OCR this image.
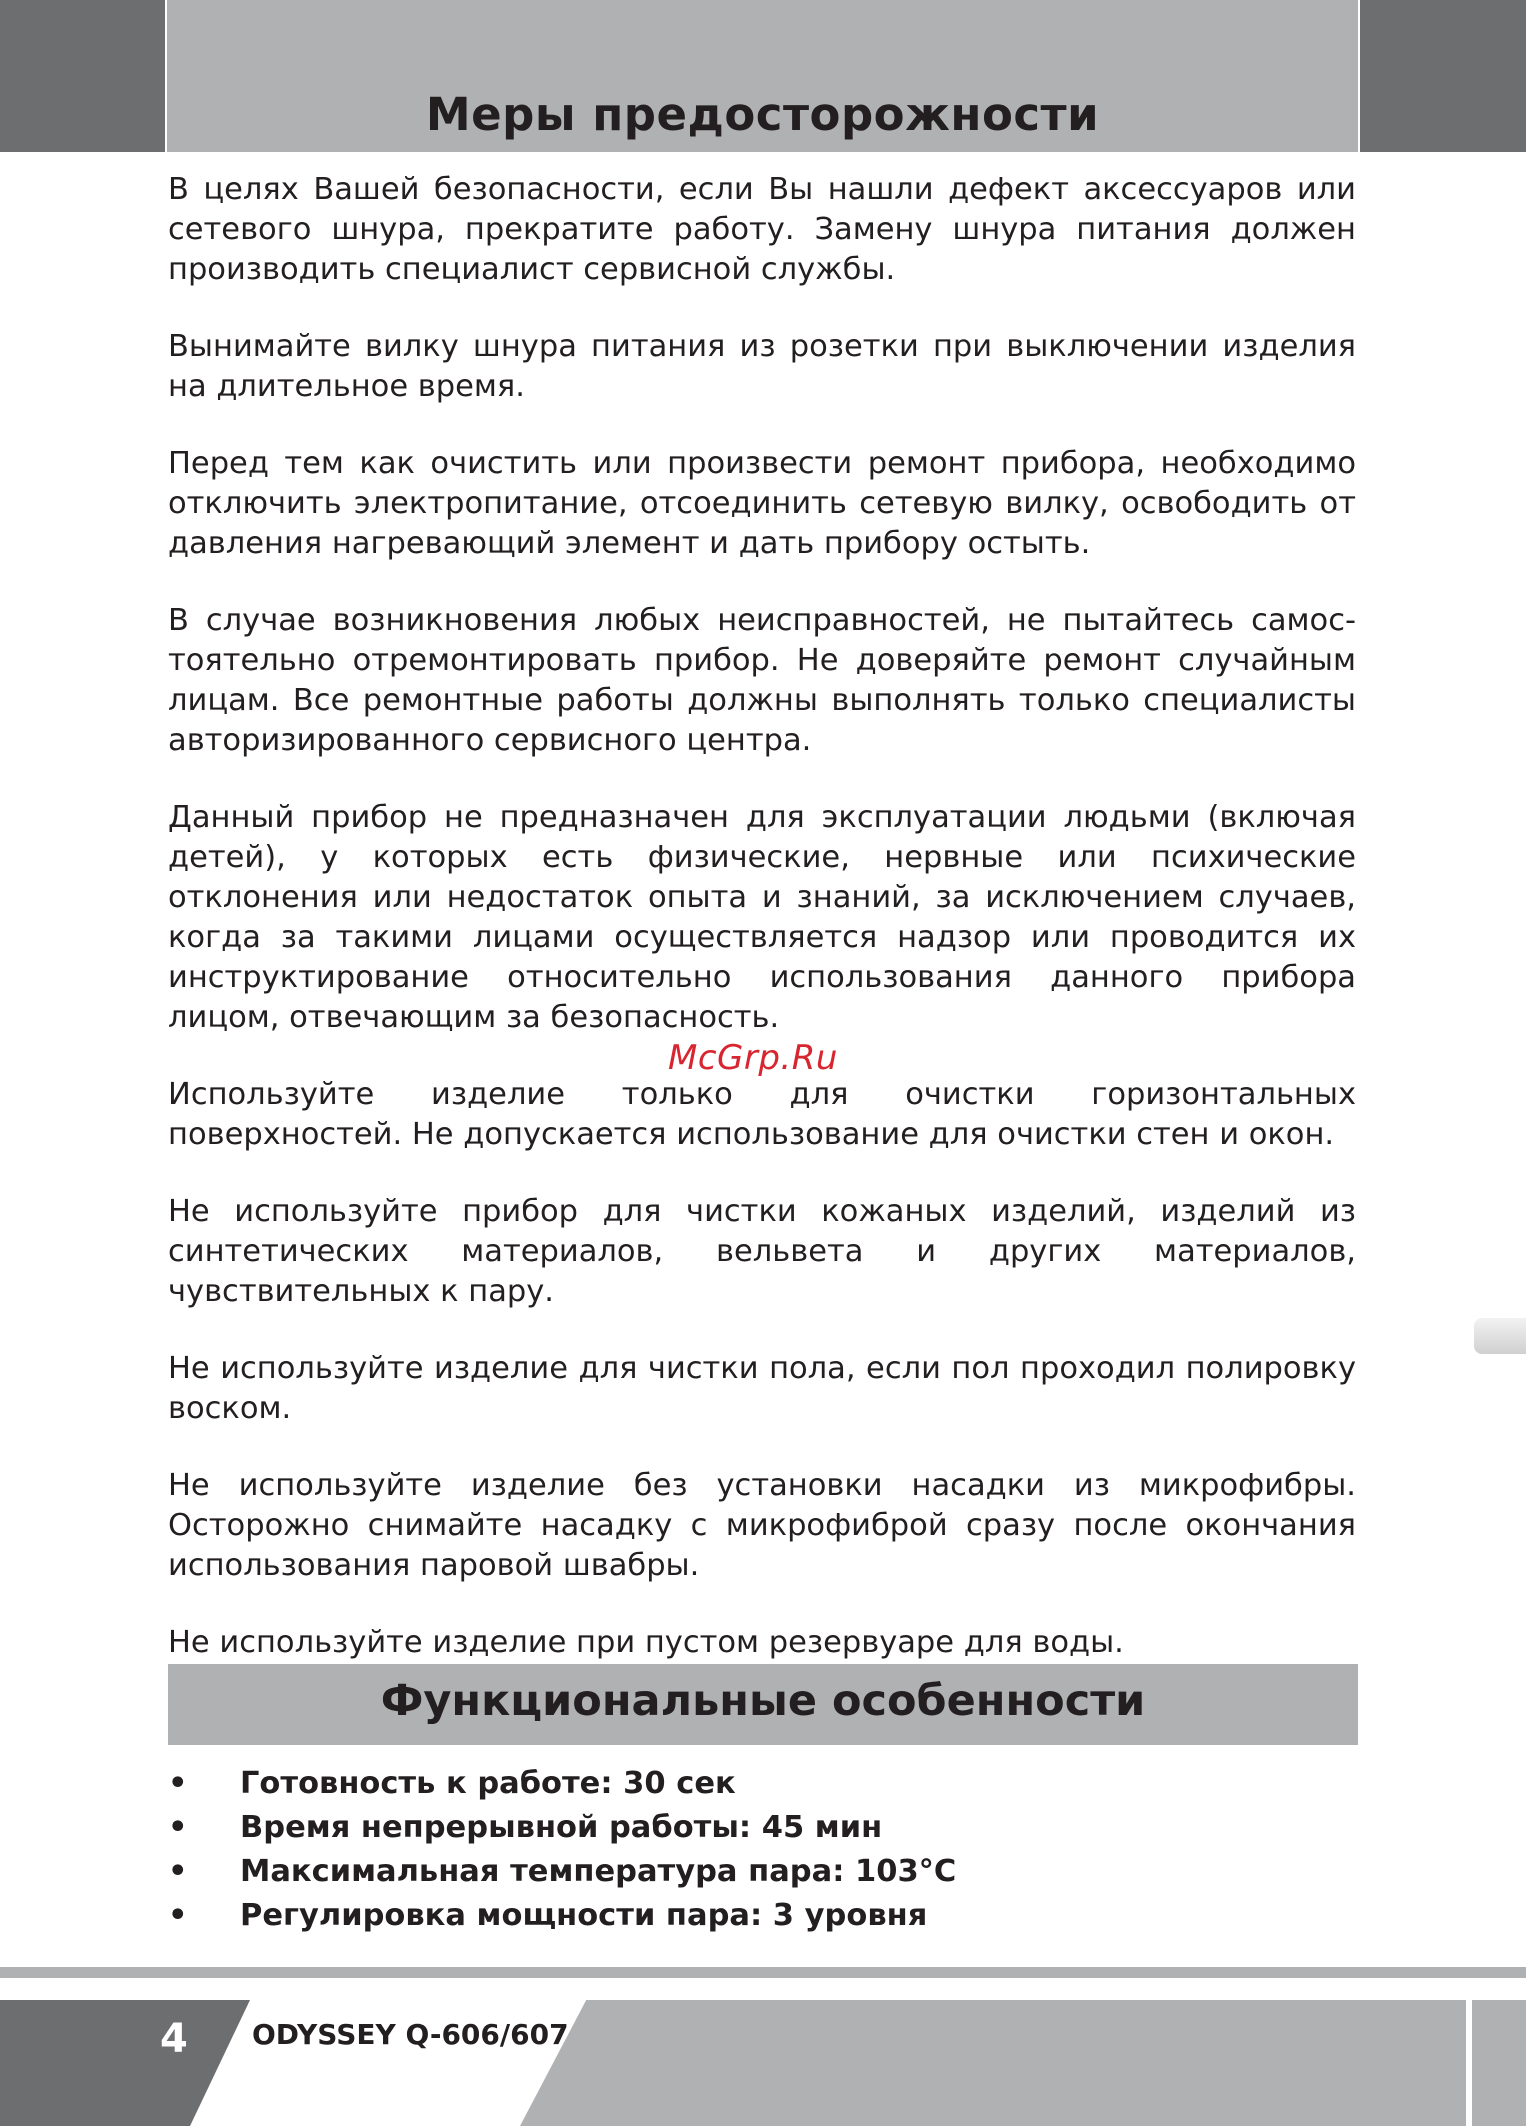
Меры предосторожности

В целях Вашей безопасности, если Вы нашли дефект аксессуаров или сетевого шнура, прекратите работу. Замену шнура питания должен производить специалист сервисной службы.

Вынимайте вилку шнура питания из розетки при выключении изделия на длительное время.

Перед тем как очистить или произвести ремонт прибора, необходимо отключить электропитание, отсоединить сетевую вилку, освободить от давления нагревающий элемент и дать прибору остыть.

В случае возникновения любых неисправностей, не пытайтесь самостоятельно отремонтировать прибор. Не доверяйте ремонт случайным лицам. Все ремонтные работы должны выполнять только специалисты авторизированного сервисного центра.

Данный прибор не предназначен для эксплуатации людьми (включая детей), у которых есть физические, нервные или психические отклонения или недостаток опыта и знаний, за исключением случаев, когда за такими лицами осуществляется надзор или проводится их инструктирование относительно использования данного прибора лицом, отвечающим за безопасность.

Используйте изделие только для очистки горизонтальных поверхностей. Не допускается использование для очистки стен и окон.

Не используйте прибор для чистки кожаных изделий, изделий из синтетических материалов, вельвета и других материалов, чувствительных к пару.

Не используйте изделие для чистки пола, если пол проходил полировку воском.

Не используйте изделие без установки насадки из микрофибры. Осторожно снимайте насадку с микрофиброй сразу после окончания использования паровой швабры.

Не используйте изделие при пустом резервуаре для воды.

McGrp.Ru
Функциональные особенности
• Готовность к работе: 30 сек
• Время непрерывной работы: 45 мин
• Максимальная температура пара: 103°C
• Регулировка мощности пара: 3 уровня
4 ODYSSEY Q-606/607
